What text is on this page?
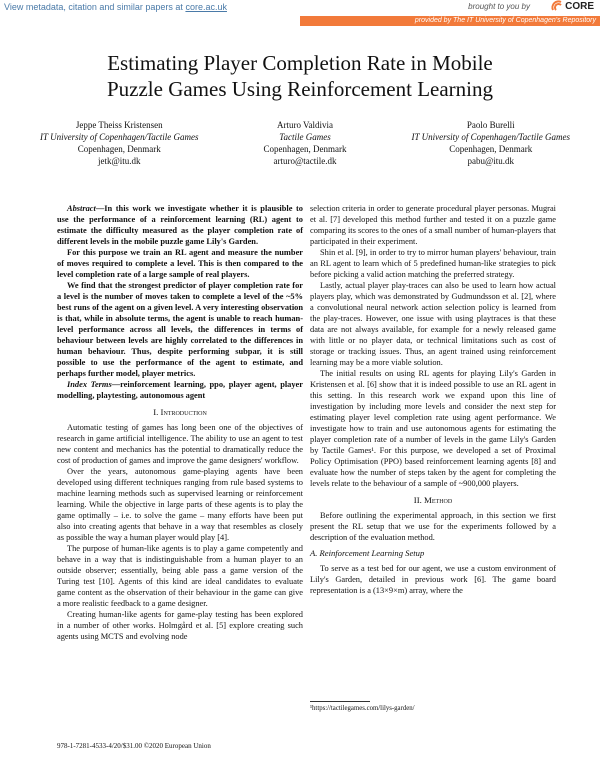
View metadata, citation and similar papers at core.ac.uk	brought to you by	CORE
provided by The IT University of Copenhagen's Repository
Estimating Player Completion Rate in Mobile
Puzzle Games Using Reinforcement Learning
Jeppe Theiss Kristensen
IT University of Copenhagen/Tactile Games
Copenhagen, Denmark
jetk@itu.dk
Arturo Valdivia
Tactile Games
Copenhagen, Denmark
arturo@tactile.dk
Paolo Burelli
IT University of Copenhagen/Tactile Games
Copenhagen, Denmark
pabu@itu.dk

Abstract—In this work we investigate whether it is plausible to use the performance of a reinforcement learning (RL) agent to estimate the difficulty measured as the player completion rate of different levels in the mobile puzzle game Lily's Garden.

For this purpose we train an RL agent and measure the number of moves required to complete a level. This is then compared to the level completion rate of a large sample of real players.

We find that the strongest predictor of player completion rate for a level is the number of moves taken to complete a level of the ~5% best runs of the agent on a given level. A very interesting observation is that, while in absolute terms, the agent is unable to reach human-level performance across all levels, the differences in terms of behaviour between levels are highly correlated to the differences in human behaviour. Thus, despite performing subpar, it is still possible to use the performance of the agent to estimate, and perhaps further model, player metrics.

Index Terms—reinforcement learning, ppo, player agent, player modelling, playtesting, autonomous agent

I. Introduction

Automatic testing of games has long been one of the objectives of research in game artificial intelligence. The ability to use an agent to test new content and mechanics has the potential to dramatically reduce the cost of production of games and improve the game designers' workflow.

Over the years, autonomous game-playing agents have been developed using different techniques ranging from rule based systems to machine learning methods such as supervised learning or reinforcement learning. While the objective in large parts of these agents is to play the game optimally – i.e. to solve the game – many efforts have been put also into creating agents that behave in a way that resembles as closely as possible the way a human player would play [4].

The purpose of human-like agents is to play a game competently and behave in a way that is indistinguishable from a human player to an outside observer; essentially, being able pass a game version of the Turing test [10]. Agents of this kind are ideal candidates to evaluate game content as the observation of their behaviour in the game can give a more realistic feedback to a game designer.

Creating human-like agents for game-play testing has been explored in a number of other works. Holmgård et al. [5] explore creating such agents using MCTS and evolving node

selection criteria in order to generate procedural player personas. Mugrai et al. [7] developed this method further and tested it on a puzzle game comparing its scores to the ones of a small number of human-players that participated in their experiment.

Shin et al. [9], in order to try to mirror human players' behaviour, train an RL agent to learn which of 5 predefined human-like strategies to pick before picking a valid action matching the preferred strategy.

Lastly, actual player play-traces can also be used to learn how actual players play, which was demonstrated by Gudmundsson et al. [2], where a convolutional neural network action selection policy is learned from the play-traces. However, one issue with using playtraces is that these data are not always available, for example for a newly released game with little or no player data, or technical limitations such as cost of storage or tracking issues. Thus, an agent trained using reinforcement learning may be a more viable solution.

The initial results on using RL agents for playing Lily's Garden in Kristensen et al. [6] show that it is indeed possible to use an RL agent in this setting. In this research work we expand upon this line of investigation by including more levels and consider the next step for estimating player level completion rate using agent performance. We investigate how to train and use autonomous agents for estimating the player completion rate of a number of levels in the game Lily's Garden by Tactile Games¹. For this purpose, we developed a set of Proximal Policy Optimisation (PPO) based reinforcement learning agents [8] and evaluate how the number of steps taken by the agent for completing the levels relate to the behaviour of a sample of ~900,000 players.

II. Method

Before outlining the experimental approach, in this section we first present the RL setup that we use for the experiments followed by a description of the evaluation method.

A. Reinforcement Learning Setup

To serve as a test bed for our agent, we use a custom environment of Lily's Garden, detailed in previous work [6]. The game board representation is a (13×9×m) array, where the

¹https://tactilegames.com/lilys-garden/
978-1-7281-4533-4/20/$31.00 ©2020 European Union
